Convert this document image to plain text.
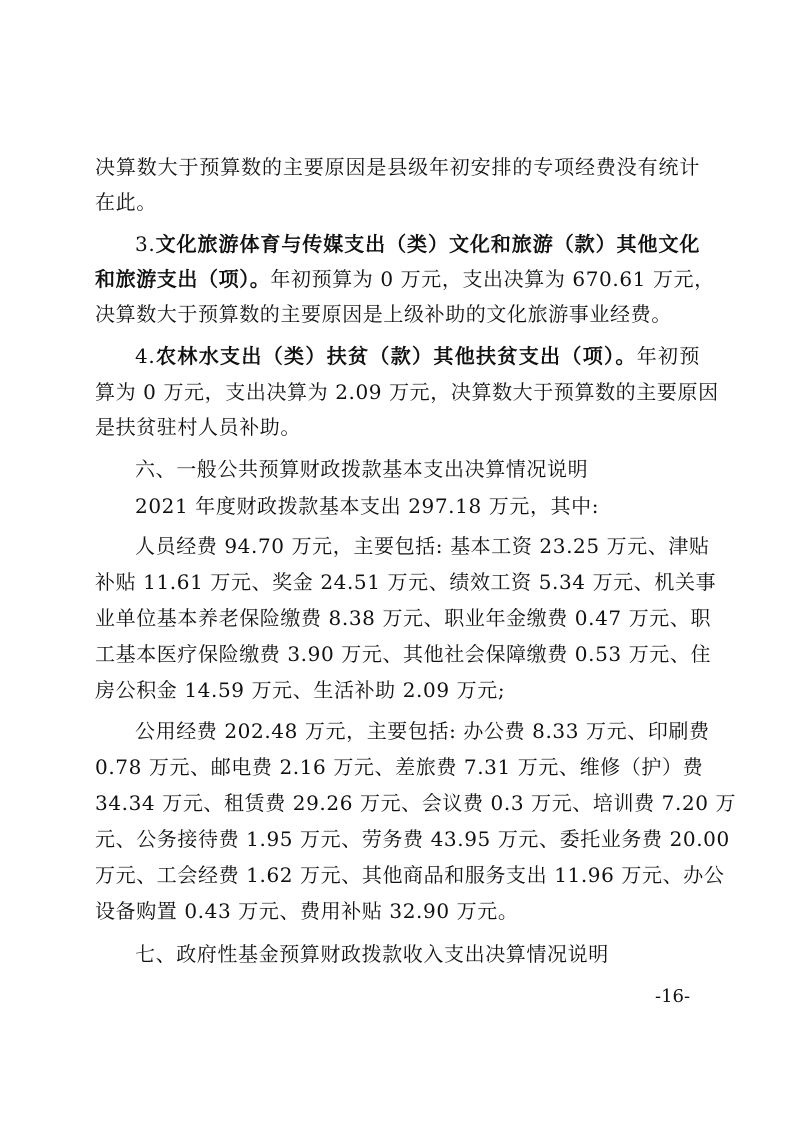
决算数大于预算数的主要原因是县级年初安排的专项经费没有统计
在此。
3.文化旅游体育与传媒支出（类）文化和旅游（款）其他文化
和旅游支出（项）。年初预算为 0 万元，支出决算为 670.61 万元，
决算数大于预算数的主要原因是上级补助的文化旅游事业经费。
4.农林水支出（类）扶贫（款）其他扶贫支出（项）。年初预
算为 0 万元，支出决算为 2.09 万元，决算数大于预算数的主要原因
是扶贫驻村人员补助。
六、一般公共预算财政拨款基本支出决算情况说明
2021 年度财政拨款基本支出 297.18 万元，其中:
人员经费 94.70 万元，主要包括: 基本工资 23.25 万元、津贴
补贴 11.61 万元、奖金 24.51 万元、绩效工资 5.34 万元、机关事
业单位基本养老保险缴费 8.38 万元、职业年金缴费 0.47 万元、职
工基本医疗保险缴费 3.90 万元、其他社会保障缴费 0.53 万元、住
房公积金 14.59 万元、生活补助 2.09 万元;
公用经费 202.48 万元，主要包括: 办公费 8.33 万元、印刷费
0.78 万元、邮电费 2.16 万元、差旅费 7.31 万元、维修（护）费
34.34 万元、租赁费 29.26 万元、会议费 0.3 万元、培训费 7.20 万
元、公务接待费 1.95 万元、劳务费 43.95 万元、委托业务费 20.00
万元、工会经费 1.62 万元、其他商品和服务支出 11.96 万元、办公
设备购置 0.43 万元、费用补贴 32.90 万元。
七、政府性基金预算财政拨款收入支出决算情况说明
-16-
